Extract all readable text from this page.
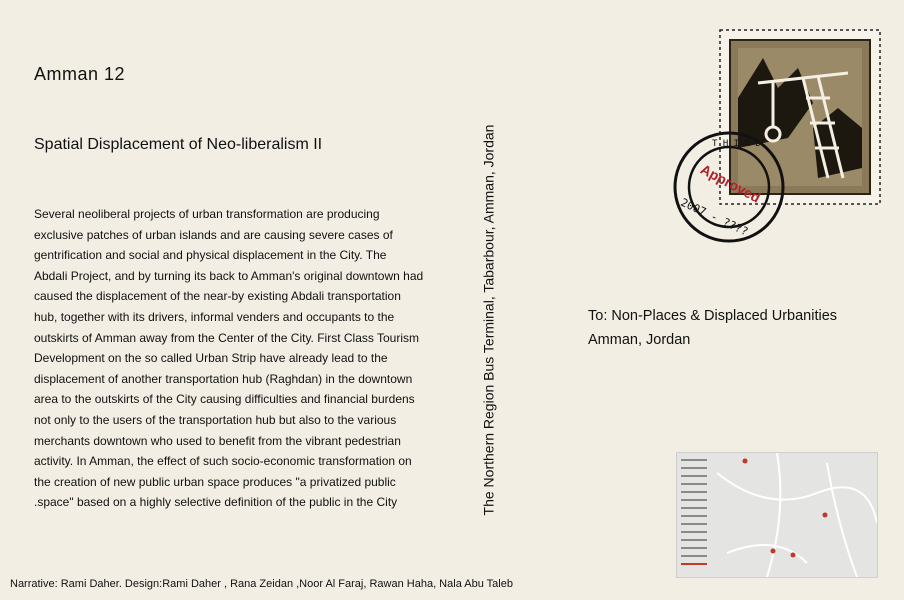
Amman 12
Spatial Displacement of Neo-liberalism II
Several neoliberal projects of urban transformation are producing
exclusive patches of urban islands and are causing severe cases of
gentrification and social and physical displacement in the City. The
Abdali Project, and by turning its back to Amman's original downtown had
caused the displacement of the near-by existing Abdali transportation
hub, together with its drivers, informal venders and occupants to the
outskirts of Amman away from the Center of the City. First Class Tourism
Development on the so called Urban Strip have already lead to the
displacement of another transportation hub (Raghdan) in the downtown
area to the outskirts of the City causing difficulties and financial burdens
not only to the users of the transportation hub but also to the various
merchants downtown who used to benefit from the vibrant pedestrian
activity. In Amman, the effect of such socio-economic transformation on
the creation of new public urban space produces "a privatized public
.space" based on a highly selective definition of the public in the City	The Northern Region Bus Terminal, Tabarbour, Amman, Jordan	To: Non-Places & Displaced Urbanities
Amman, Jordan
T H I R D
2007 - ????
Approved
Narrative: Rami Daher. Design:Rami Daher , Rana Zeidan ,Noor Al Faraj, Rawan Haha, Nala Abu Taleb
